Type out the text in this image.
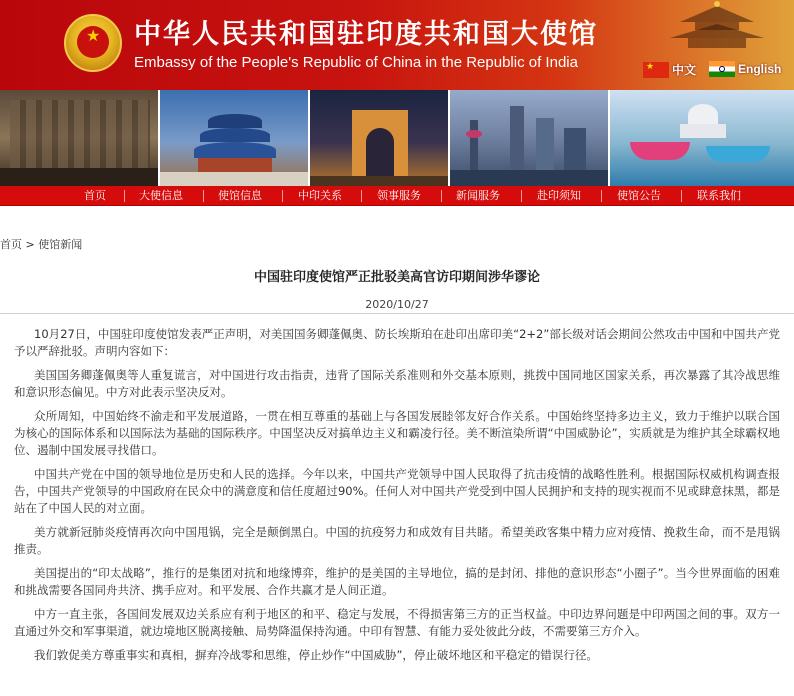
★ 中华人民共和国驻印度共和国大使馆
Embassy of the People's Republic of China in the Republic of India	★ 中文	English
首页	大使信息	使馆信息	中印关系	领事服务	新闻服务	赴印须知	使馆公告	联系我们
首页 > 使馆新闻
中国驻印度使馆严正批驳美高官访印期间涉华谬论
2020/10/27

10月27日，中国驻印度使馆发表严正声明，对美国国务卿蓬佩奥、防长埃斯珀在赴印出席印美“2+2”部长级对话会期间公然攻击中国和中国共产党予以严辞批驳。声明内容如下：

美国国务卿蓬佩奥等人重复谎言，对中国进行攻击指责，违背了国际关系准则和外交基本原则，挑拨中国同地区国家关系，再次暴露了其冷战思维和意识形态偏见。中方对此表示坚决反对。

众所周知，中国始终不渝走和平发展道路，一贯在相互尊重的基础上与各国发展睦邻友好合作关系。中国始终坚持多边主义，致力于维护以联合国为核心的国际体系和以国际法为基础的国际秩序。中国坚决反对搞单边主义和霸凌行径。美不断渲染所谓“中国威胁论”，实质就是为维护其全球霸权地位、遏制中国发展寻找借口。

中国共产党在中国的领导地位是历史和人民的选择。今年以来，中国共产党领导中国人民取得了抗击疫情的战略性胜利。根据国际权威机构调查报告，中国共产党领导的中国政府在民众中的满意度和信任度超过90%。任何人对中国共产党受到中国人民拥护和支持的现实视而不见或肆意抹黑，都是站在了中国人民的对立面。

美方就新冠肺炎疫情再次向中国甩锅，完全是颠倒黑白。中国的抗疫努力和成效有目共睹。希望美政客集中精力应对疫情、挽救生命，而不是甩锅推责。

美国提出的“印太战略”，推行的是集团对抗和地缘博弈，维护的是美国的主导地位，搞的是封闭、排他的意识形态“小圈子”。当今世界面临的困难和挑战需要各国同舟共济、携手应对。和平发展、合作共赢才是人间正道。

中方一直主张，各国间发展双边关系应有利于地区的和平、稳定与发展，不得损害第三方的正当权益。中印边界问题是中印两国之间的事。双方一直通过外交和军事渠道，就边境地区脱离接触、局势降温保持沟通。中印有智慧、有能力妥处彼此分歧，不需要第三方介入。

我们敦促美方尊重事实和真相，摒弃冷战零和思维，停止炒作“中国威胁”，停止破坏地区和平稳定的错误行径。
